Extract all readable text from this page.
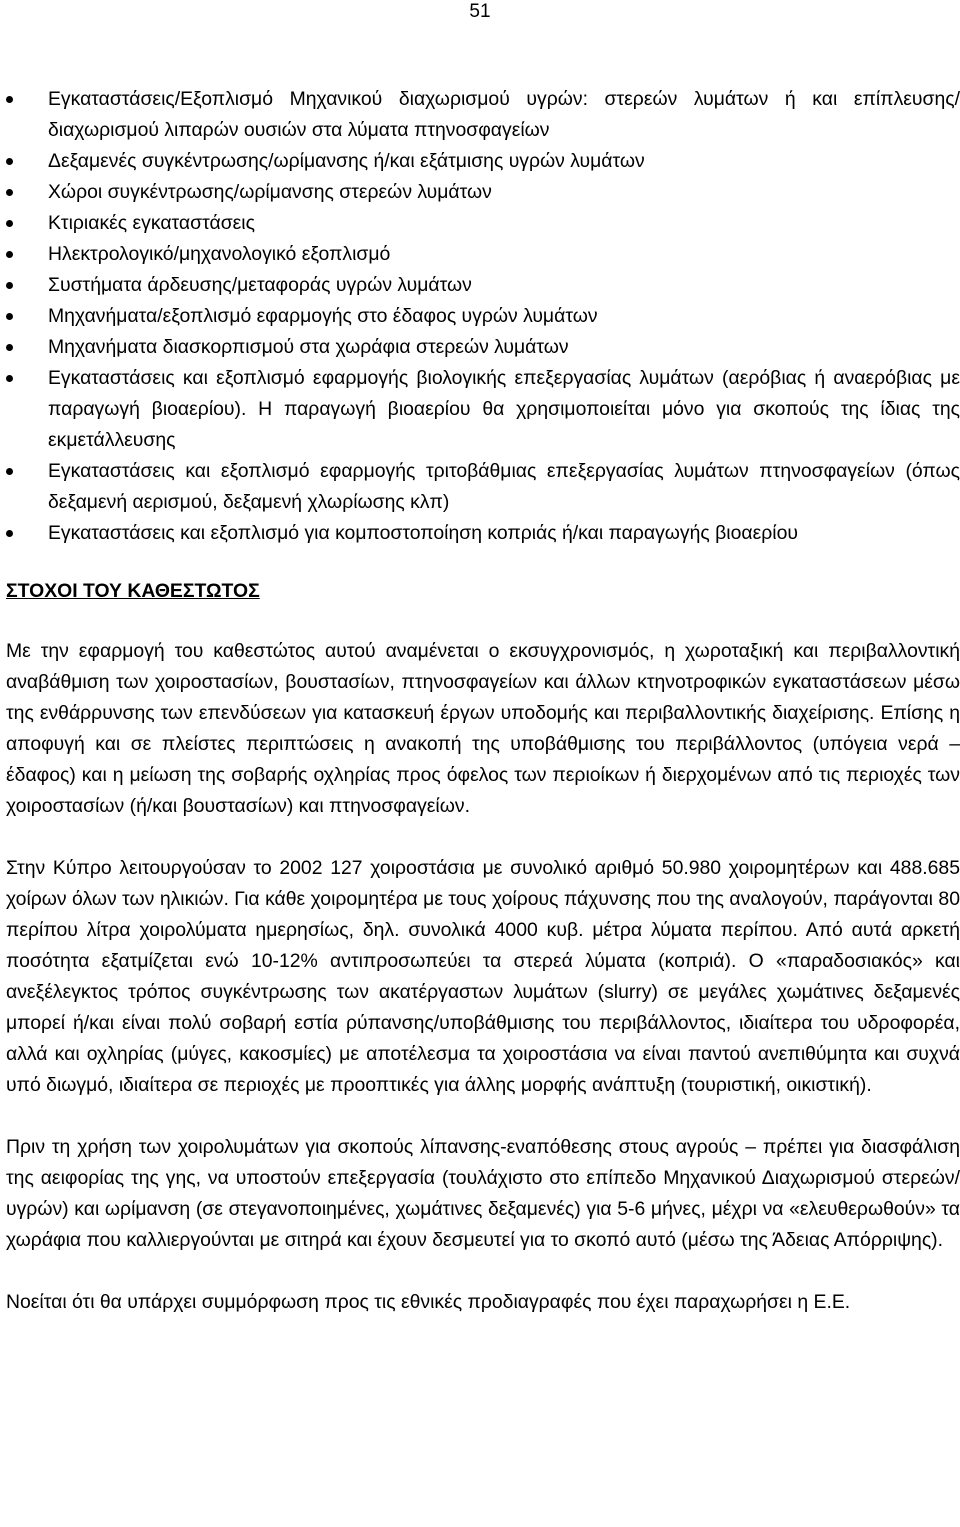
51
Εγκαταστάσεις/Εξοπλισμό Μηχανικού διαχωρισμού υγρών: στερεών λυμάτων ή και επίπλευσης/διαχωρισμού λιπαρών ουσιών στα λύματα πτηνοσφαγείων
Δεξαμενές συγκέντρωσης/ωρίμανσης ή/και εξάτμισης υγρών λυμάτων
Χώροι συγκέντρωσης/ωρίμανσης στερεών λυμάτων
Κτιριακές εγκαταστάσεις
Ηλεκτρολογικό/μηχανολογικό εξοπλισμό
Συστήματα άρδευσης/μεταφοράς υγρών λυμάτων
Μηχανήματα/εξοπλισμό εφαρμογής στο έδαφος υγρών λυμάτων
Μηχανήματα διασκορπισμού στα χωράφια στερεών λυμάτων
Εγκαταστάσεις και εξοπλισμό εφαρμογής βιολογικής επεξεργασίας λυμάτων (αερόβιας ή αναερόβιας με παραγωγή βιοαερίου). Η παραγωγή βιοαερίου θα χρησιμοποιείται μόνο για σκοπούς της ίδιας της εκμετάλλευσης
Εγκαταστάσεις και εξοπλισμό εφαρμογής τριτοβάθμιας επεξεργασίας λυμάτων πτηνοσφαγείων (όπως δεξαμενή αερισμού, δεξαμενή χλωρίωσης κλπ)
Εγκαταστάσεις και εξοπλισμό για κομποστοποίηση κοπριάς ή/και παραγωγής βιοαερίου
ΣΤΟΧΟΙ ΤΟΥ ΚΑΘΕΣΤΩΤΟΣ

Με την εφαρμογή του καθεστώτος αυτού αναμένεται ο εκσυγχρονισμός, η χωροταξική και περιβαλλοντική αναβάθμιση των χοιροστασίων, βουστασίων, πτηνοσφαγείων και άλλων κτηνοτροφικών εγκαταστάσεων μέσω της ενθάρρυνσης των επενδύσεων για κατασκευή έργων υποδομής και περιβαλλοντικής διαχείρισης. Επίσης η αποφυγή και σε πλείστες περιπτώσεις η ανακοπή της υποβάθμισης του περιβάλλοντος (υπόγεια νερά – έδαφος) και η μείωση της σοβαρής οχληρίας προς όφελος των περιοίκων ή διερχομένων από τις περιοχές των χοιροστασίων (ή/και βουστασίων) και πτηνοσφαγείων.

Στην Κύπρο λειτουργούσαν το 2002 127 χοιροστάσια με συνολικό αριθμό 50.980 χοιρομητέρων και 488.685 χοίρων όλων των ηλικιών. Για κάθε χοιρομητέρα με τους χοίρους πάχυνσης που της αναλογούν, παράγονται 80 περίπου λίτρα χοιρολύματα ημερησίως, δηλ. συνολικά 4000 κυβ. μέτρα λύματα περίπου. Από αυτά αρκετή ποσότητα εξατμίζεται ενώ 10-12% αντιπροσωπεύει τα στερεά λύματα (κοπριά). Ο «παραδοσιακός» και ανεξέλεγκτος τρόπος συγκέντρωσης των ακατέργαστων λυμάτων (slurry) σε μεγάλες χωμάτινες δεξαμενές μπορεί ή/και είναι πολύ σοβαρή εστία ρύπανσης/υποβάθμισης του περιβάλλοντος, ιδιαίτερα του υδροφορέα, αλλά και οχληρίας (μύγες, κακοσμίες) με αποτέλεσμα τα χοιροστάσια να είναι παντού ανεπιθύμητα και συχνά υπό διωγμό, ιδιαίτερα σε περιοχές με προοπτικές για άλλης μορφής ανάπτυξη (τουριστική, οικιστική).

Πριν τη χρήση των χοιρολυμάτων για σκοπούς λίπανσης-εναπόθεσης στους αγρούς – πρέπει για διασφάλιση της αειφορίας της γης, να υποστούν επεξεργασία (τουλάχιστο στο επίπεδο Μηχανικού Διαχωρισμού στερεών/υγρών) και ωρίμανση (σε στεγανοποιημένες, χωμάτινες δεξαμενές) για 5-6 μήνες, μέχρι να «ελευθερωθούν» τα χωράφια που καλλιεργούνται με σιτηρά και έχουν δεσμευτεί για το σκοπό αυτό (μέσω της Άδειας Απόρριψης).

Νοείται ότι θα υπάρχει συμμόρφωση προς τις εθνικές προδιαγραφές που έχει παραχωρήσει η Ε.Ε.
